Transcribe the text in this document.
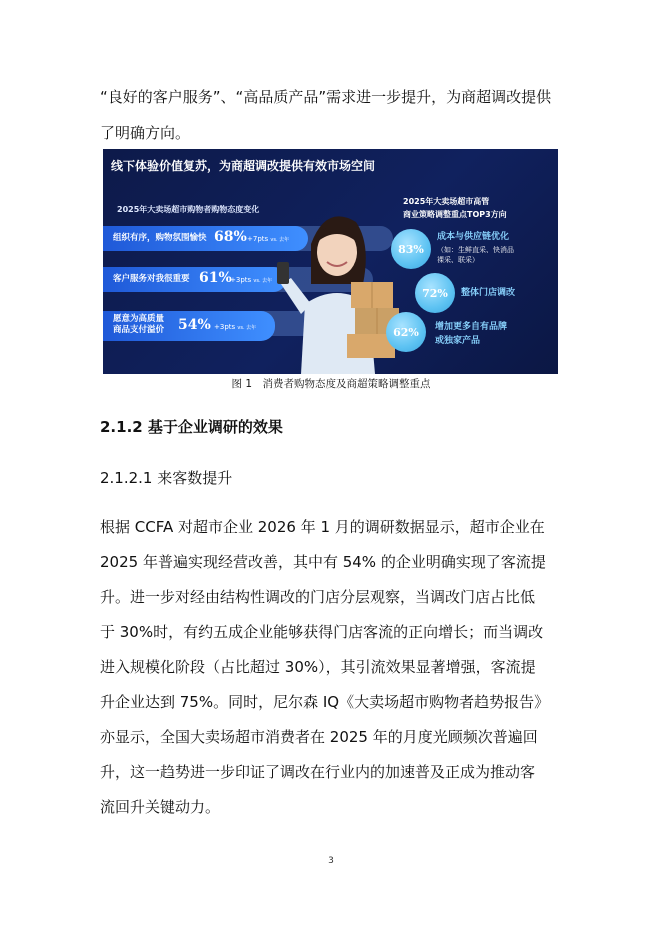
“良好的客户服务”、“高品质产品”需求进一步提升，为商超调改提供
了明确方向。
线下体验价值复苏，为商超调改提供有效市场空间
2025年大卖场超市购物者购物态度变化
组织有序，购物氛围愉快 68% +7pts vs. 去年
客户服务对我很重要 61%
+3pts vs. 去年
愿意为高质量
商品支付溢价 54% +3pts vs. 去年
2025年大卖场超市高管
商业策略调整重点TOP3方向
83%
成本与供应链优化
（如：生鲜直采、快消品
裸采、联采）
72%	整体门店调改
62%	增加更多自有品牌
或独家产品
图 1　消费者购物态度及商超策略调整重点
2.1.2 基于企业调研的效果
2.1.2.1 来客数提升
根据 CCFA 对超市企业 2026 年 1 月的调研数据显示，超市企业在
2025 年普遍实现经营改善，其中有 54% 的企业明确实现了客流提
升。进一步对经由结构性调改的门店分层观察，当调改门店占比低
于 30%时，有约五成企业能够获得门店客流的正向增长；而当调改
进入规模化阶段（占比超过 30%），其引流效果显著增强，客流提
升企业达到 75%。同时，尼尔森 IQ《大卖场超市购物者趋势报告》
亦显示，全国大卖场超市消费者在 2025 年的月度光顾频次普遍回
升，这一趋势进一步印证了调改在行业内的加速普及正成为推动客
流回升关键动力。
3
